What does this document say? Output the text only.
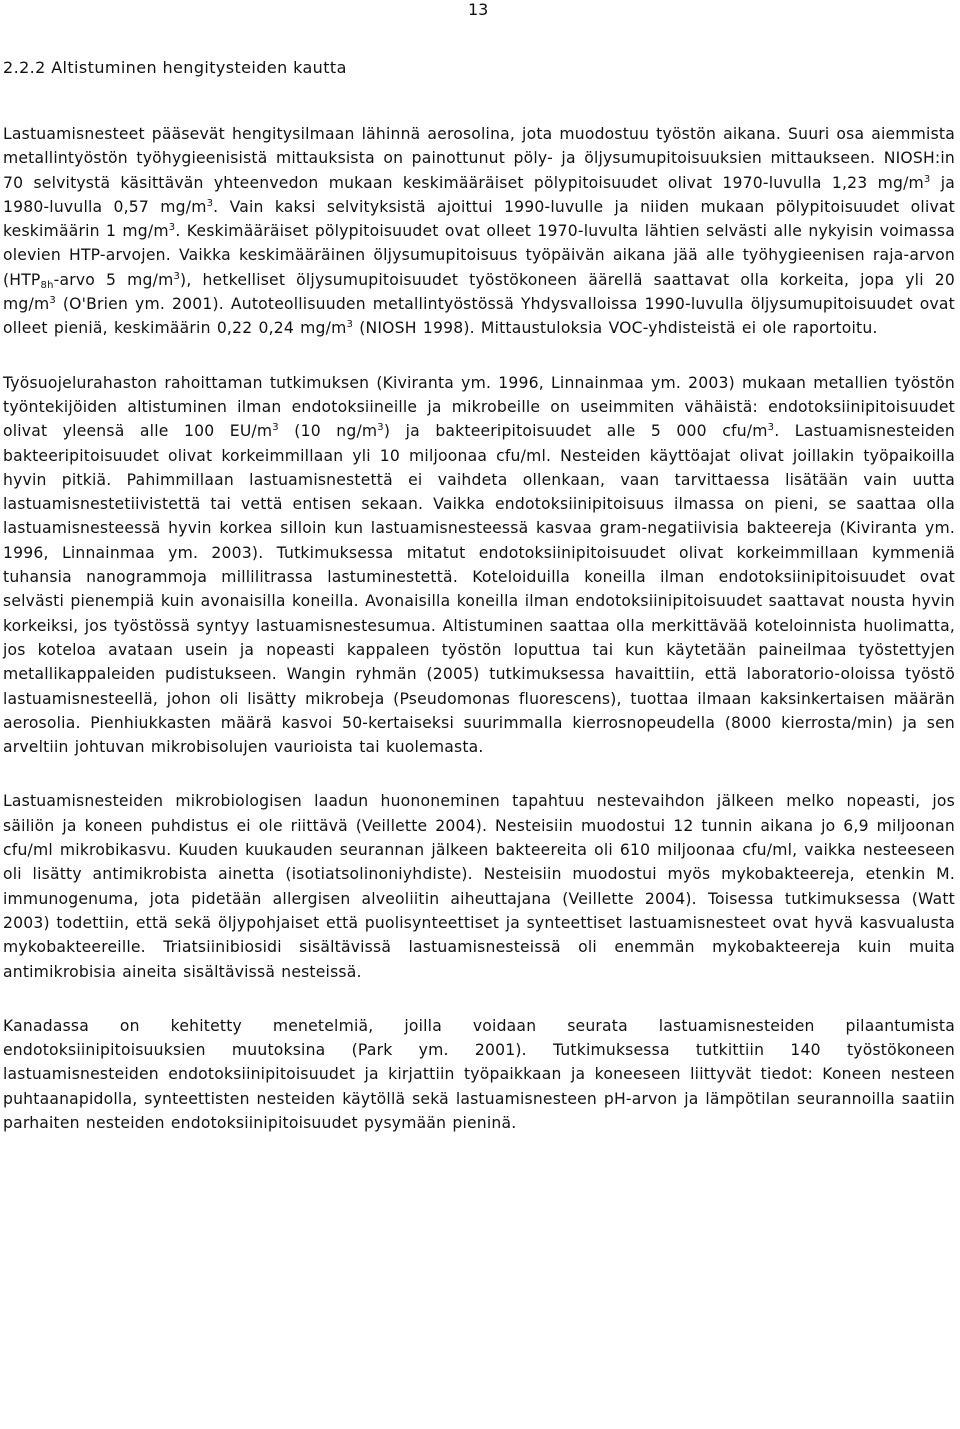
13
2.2.2 Altistuminen hengitysteiden kautta

Lastuamisnesteet pääsevät hengitysilmaan lähinnä aerosolina, jota muodostuu työstön aikana. Suuri osa aiemmista metallintyöstön työhygieenisistä mittauksista on painottunut pöly- ja öljysumupitoisuuksien mittaukseen. NIOSH:in 70 selvitystä käsittävän yhteenvedon mukaan keskimääräiset pölypitoisuudet olivat 1970-luvulla 1,23 $mg/m^3$ ja 1980-luvulla 0,57 $mg/m^3$. Vain kaksi selvityksistä ajoittui 1990-luvulle ja niiden mukaan pölypitoisuudet olivat keskimäärin 1 $mg/m^3$. Keskimääräiset pölypitoisuudet ovat olleet 1970-luvulta lähtien selvästi alle nykyisin voimassa olevien HTP-arvojen. Vaikka keskimääräinen öljysumupitoisuus työpäivän aikana jää alle työhygieenisen raja-arvon ($HTP_{8h}$-arvo 5 $mg/m^3$), hetkelliset öljysumupitoisuudet työstökoneen äärellä saattavat olla korkeita, jopa yli 20 $mg/m^3$ (O'Brien ym. 2001). Autoteollisuuden metallintyöstössä Yhdysvalloissa 1990-luvulla öljysumupitoisuudet ovat olleet pieniä, keskimäärin 0,22 0,24 $mg/m^3$ (NIOSH 1998). Mittaustuloksia VOC-yhdisteistä ei ole raportoitu.

Työsuojelurahaston rahoittaman tutkimuksen (Kiviranta ym. 1996, Linnainmaa ym. 2003) mukaan metallien työstön työntekijöiden altistuminen ilman endotoksiineille ja mikrobeille on useimmiten vähäistä: endotoksiinipitoisuudet olivat yleensä alle 100 $EU/m^3$ (10 $ng/m^3$) ja bakteeripitoisuudet alle 5 000 cfu/$m^3$. Lastuamisnesteiden bakteeripitoisuudet olivat korkeimmillaan yli 10 miljoonaa cfu/ml. Nesteiden käyttöajat olivat joillakin työpaikoilla hyvin pitkiä. Pahimmillaan lastuamisnestettä ei vaihdeta ollenkaan, vaan tarvittaessa lisätään vain uutta lastuamisnestetiivistettä tai vettä entisen sekaan. Vaikka endotoksiinipitoisuus ilmassa on pieni, se saattaa olla lastuamisnesteessä hyvin korkea silloin kun lastuamisnesteessä kasvaa gram-negatiivisia bakteereja (Kiviranta ym. 1996, Linnainmaa ym. 2003). Tutkimuksessa mitatut endotoksiinipitoisuudet olivat korkeimmillaan kymmeniä tuhansia nanogrammoja millilitrassa lastuminestettä. Koteloiduilla koneilla ilman endotoksiinipitoisuudet ovat selvästi pienempiä kuin avonaisilla koneilla. Avonaisilla koneilla ilman endotoksiinipitoisuudet saattavat nousta hyvin korkeiksi, jos työstössä syntyy lastuamisnestesumua. Altistuminen saattaa olla merkittävää koteloinnista huolimatta, jos koteloa avataan usein ja nopeasti kappaleen työstön loputtua tai kun käytetään paineilmaa työstettyjen metallikappaleiden pudistukseen. Wangin ryhmän (2005) tutkimuksessa havaittiin, että laboratorio-oloissa työstö lastuamisnesteellä, johon oli lisätty mikrobeja (Pseudomonas fluorescens), tuottaa ilmaan kaksinkertaisen määrän aerosolia. Pienhiukkasten määrä kasvoi 50-kertaiseksi suurimmalla kierrosnopeudella (8000 kierrosta/min) ja sen arveltiin johtuvan mikrobisolujen vaurioista tai kuolemasta.

Lastuamisnesteiden mikrobiologisen laadun huononeminen tapahtuu nestevaihdon jälkeen melko nopeasti, jos säiliön ja koneen puhdistus ei ole riittävä (Veillette 2004). Nesteisiin muodostui 12 tunnin aikana jo 6,9 miljoonan cfu/ml mikrobikasvu. Kuuden kuukauden seurannan jälkeen bakteereita oli 610 miljoonaa cfu/ml, vaikka nesteeseen oli lisätty antimikrobista ainetta (isotiatsolinoniyhdiste). Nesteisiin muodostui myös mykobakteereja, etenkin M. immunogenuma, jota pidetään allergisen alveoliitin aiheuttajana (Veillette 2004). Toisessa tutkimuksessa (Watt 2003) todettiin, että sekä öljypohjaiset että puolisynteettiset ja synteettiset lastuamisnesteet ovat hyvä kasvualusta mykobakteereille. Triatsiinibiosidi sisältävissä lastuamisnesteissä oli enemmän mykobakteereja kuin muita antimikrobisia aineita sisältävissä nesteissä.

Kanadassa on kehitetty menetelmiä, joilla voidaan seurata lastuamisnesteiden pilaantumista endotoksiinipitoisuuksien muutoksina (Park ym. 2001). Tutkimuksessa tutkittiin 140 työstökoneen lastuamisnesteiden endotoksiinipitoisuudet ja kirjattiin työpaikkaan ja koneeseen liittyvät tiedot: Koneen nesteen puhtaanapidolla, synteettisten nesteiden käytöllä sekä lastuamisnesteen pH-arvon ja lämpötilan seurannoilla saatiin parhaiten nesteiden endotoksiinipitoisuudet pysymään pieninä.
